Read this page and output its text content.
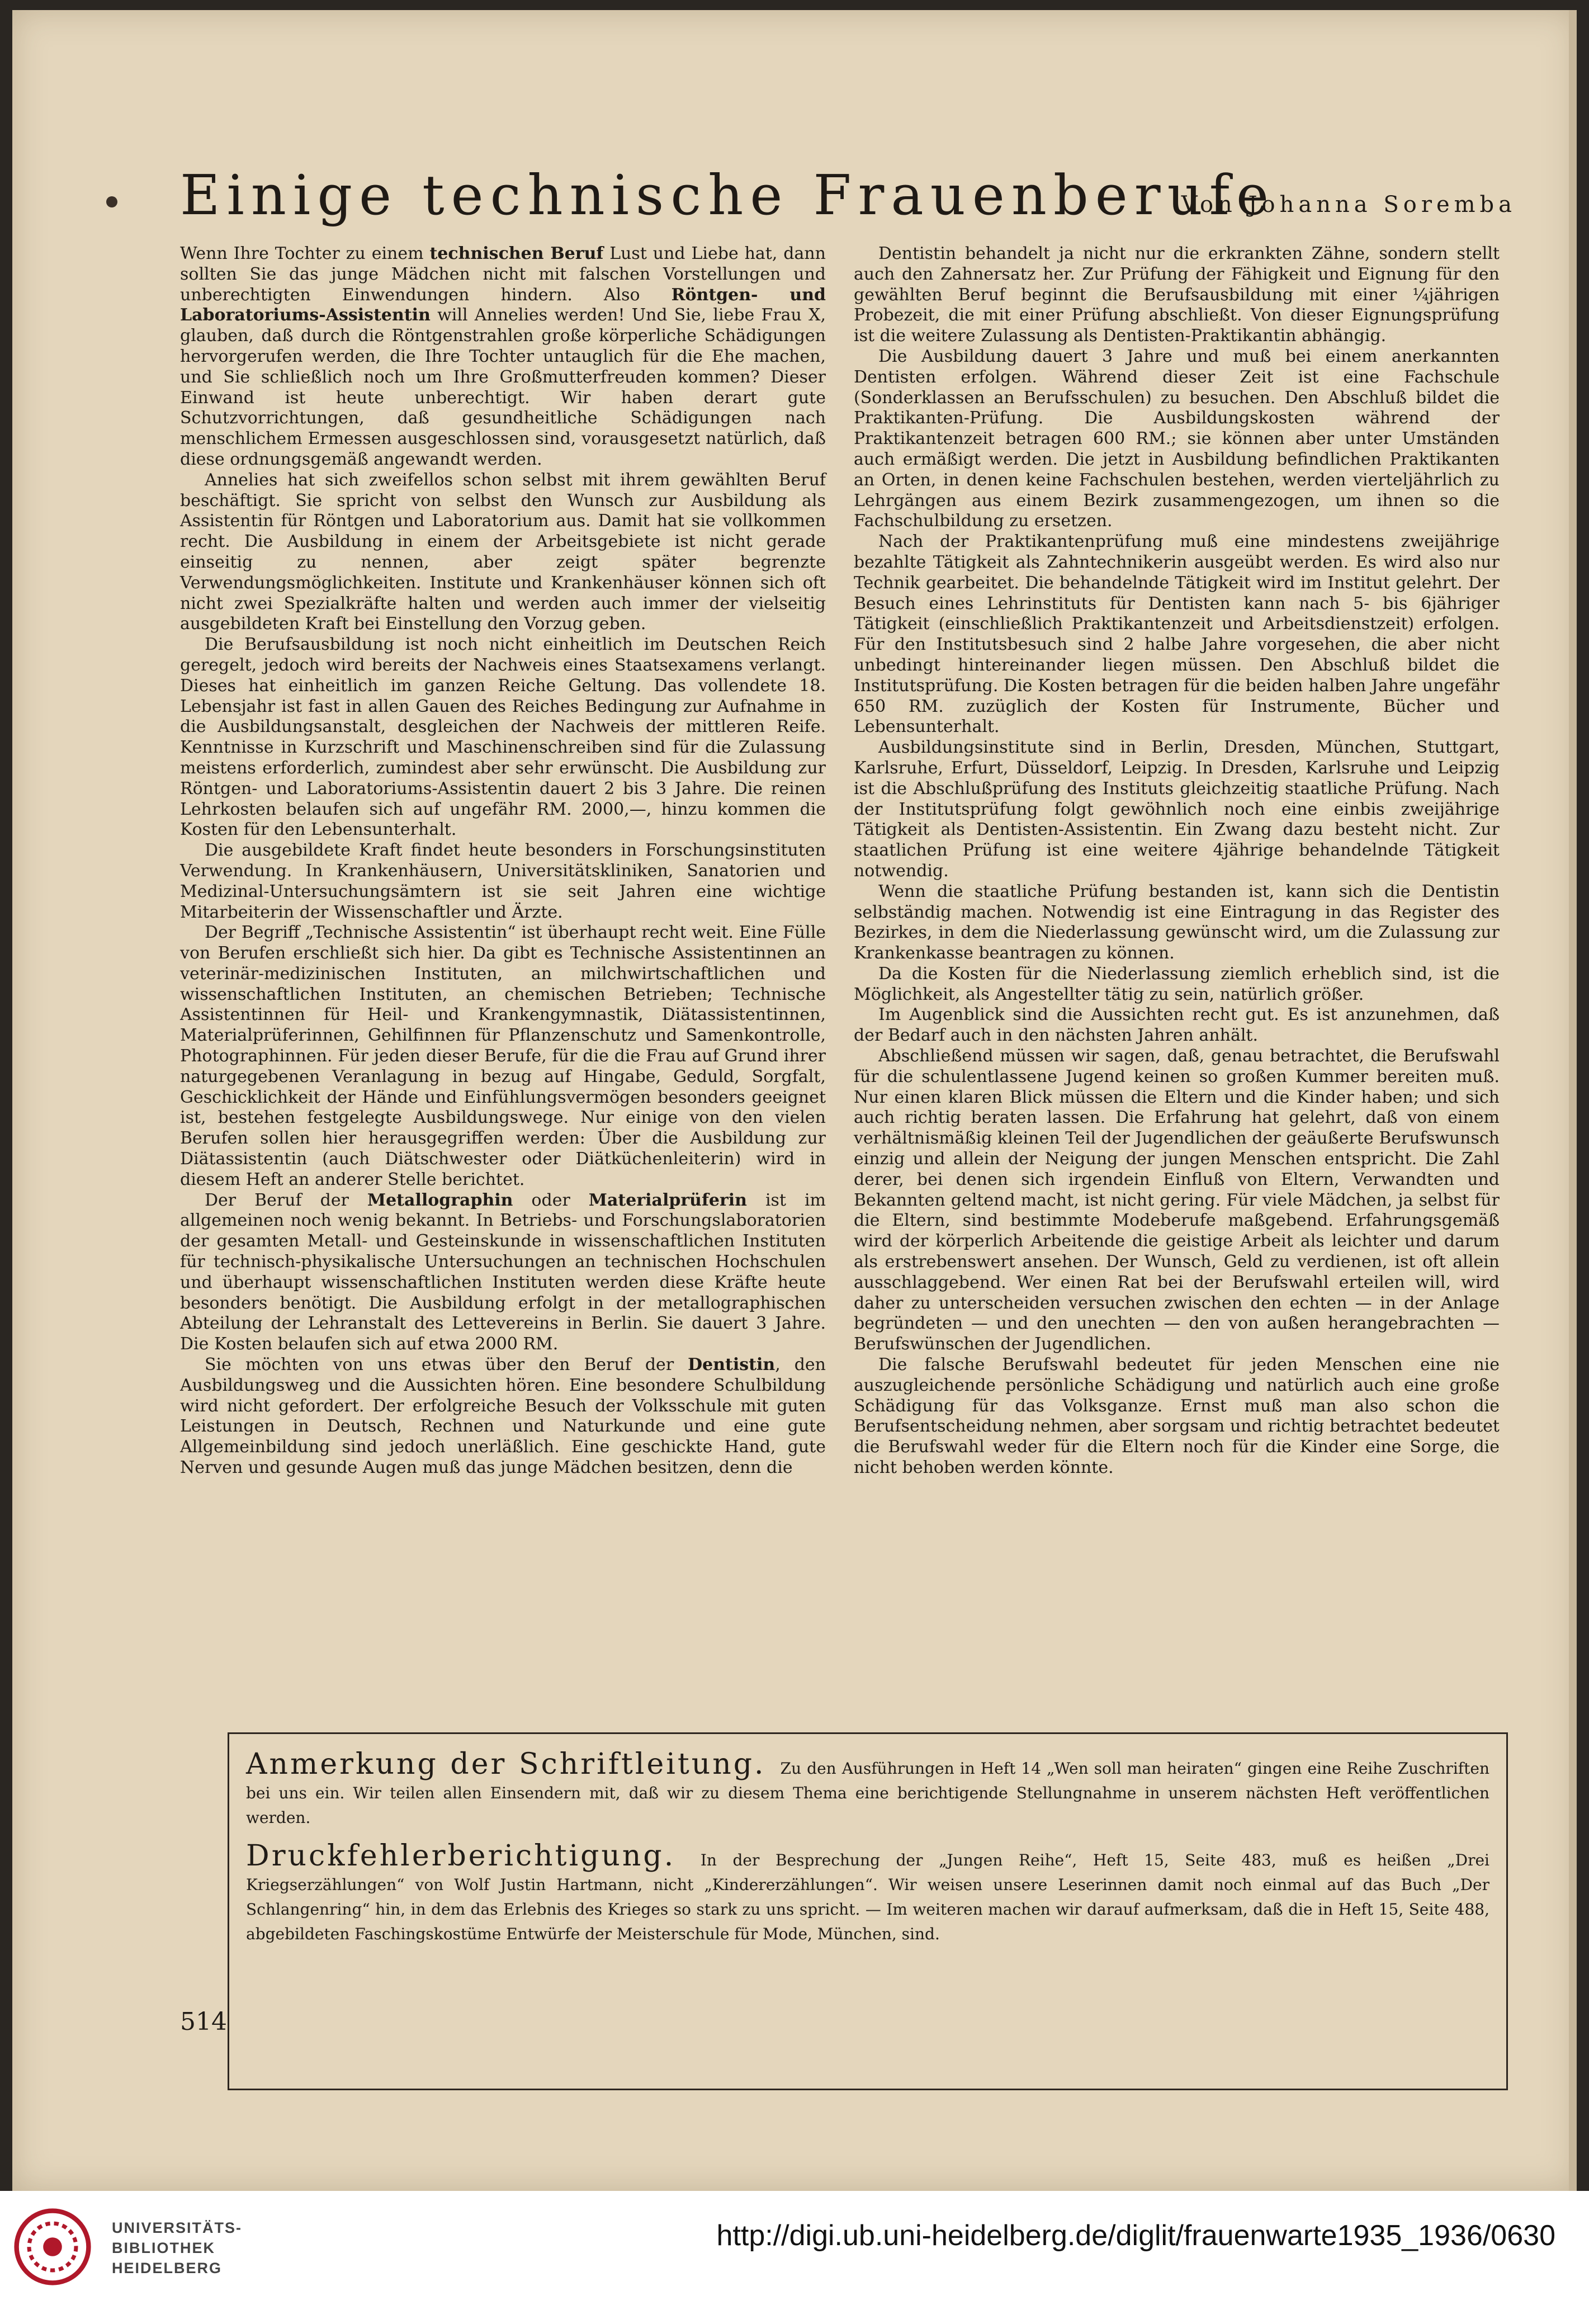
Einige technische Frauenberufe
Von Johanna Soremba

Wenn Ihre Tochter zu einem technischen Beruf Lust und Liebe hat, dann sollten Sie das junge Mädchen nicht mit falschen Vorstellungen und unberechtigten Einwendungen hindern. Also Röntgen- und Laboratoriums-Assistentin will Annelies werden! Und Sie, liebe Frau X, glauben, daß durch die Röntgenstrahlen große körperliche Schädigungen hervorgerufen werden, die Ihre Tochter untauglich für die Ehe machen, und Sie schließlich noch um Ihre Großmutterfreuden kommen? Dieser Einwand ist heute unberechtigt. Wir haben derart gute Schutzvorrichtungen, daß gesundheitliche Schädigungen nach menschlichem Ermessen ausgeschlossen sind, vorausgesetzt natürlich, daß diese ordnungsgemäß angewandt werden.

Annelies hat sich zweifellos schon selbst mit ihrem gewählten Beruf beschäftigt. Sie spricht von selbst den Wunsch zur Ausbildung als Assistentin für Röntgen und Laboratorium aus. Damit hat sie vollkommen recht. Die Ausbildung in einem der Arbeitsgebiete ist nicht gerade einseitig zu nennen, aber zeigt später begrenzte Verwendungsmöglichkeiten. Institute und Krankenhäuser können sich oft nicht zwei Spezialkräfte halten und werden auch immer der vielseitig ausgebildeten Kraft bei Einstellung den Vorzug geben.

Die Berufsausbildung ist noch nicht einheitlich im Deutschen Reich geregelt, jedoch wird bereits der Nachweis eines Staatsexamens verlangt. Dieses hat einheitlich im ganzen Reiche Geltung. Das vollendete 18. Lebensjahr ist fast in allen Gauen des Reiches Bedingung zur Aufnahme in die Ausbildungsanstalt, desgleichen der Nachweis der mittleren Reife. Kenntnisse in Kurzschrift und Maschinenschreiben sind für die Zulassung meistens erforderlich, zumindest aber sehr erwünscht. Die Ausbildung zur Röntgen- und Laboratoriums-Assistentin dauert 2 bis 3 Jahre. Die reinen Lehrkosten belaufen sich auf ungefähr RM. 2000,—, hinzu kommen die Kosten für den Lebensunterhalt.

Die ausgebildete Kraft findet heute besonders in Forschungsinstituten Verwendung. In Krankenhäusern, Universitätskliniken, Sanatorien und Medizinal-Untersuchungsämtern ist sie seit Jahren eine wichtige Mitarbeiterin der Wissenschaftler und Ärzte.

Der Begriff „Technische Assistentin“ ist überhaupt recht weit. Eine Fülle von Berufen erschließt sich hier. Da gibt es Technische Assistentinnen an veterinär-medizinischen Instituten, an milchwirtschaftlichen und wissenschaftlichen Instituten, an chemischen Betrieben; Technische Assistentinnen für Heil- und Krankengymnastik, Diätassistentinnen, Materialprüferinnen, Gehilfinnen für Pflanzenschutz und Samenkontrolle, Photographinnen. Für jeden dieser Berufe, für die die Frau auf Grund ihrer naturgegebenen Veranlagung in bezug auf Hingabe, Geduld, Sorgfalt, Geschicklichkeit der Hände und Einfühlungsvermögen besonders geeignet ist, bestehen festgelegte Ausbildungswege. Nur einige von den vielen Berufen sollen hier herausgegriffen werden: Über die Ausbildung zur Diätassistentin (auch Diätschwester oder Diätküchenleiterin) wird in diesem Heft an anderer Stelle berichtet.

Der Beruf der Metallographin oder Materialprüferin ist im allgemeinen noch wenig bekannt. In Betriebs- und Forschungslaboratorien der gesamten Metall- und Gesteinskunde in wissenschaftlichen Instituten für technisch-physikalische Untersuchungen an technischen Hochschulen und überhaupt wissenschaftlichen Instituten werden diese Kräfte heute besonders benötigt. Die Ausbildung erfolgt in der metallographischen Abteilung der Lehranstalt des Lettevereins in Berlin. Sie dauert 3 Jahre. Die Kosten belaufen sich auf etwa 2000 RM.

Sie möchten von uns etwas über den Beruf der Dentistin, den Ausbildungsweg und die Aussichten hören. Eine besondere Schulbildung wird nicht gefordert. Der erfolgreiche Besuch der Volksschule mit guten Leistungen in Deutsch, Rechnen und Naturkunde und eine gute Allgemeinbildung sind jedoch unerläßlich. Eine geschickte Hand, gute Nerven und gesunde Augen muß das junge Mädchen besitzen, denn die

Dentistin behandelt ja nicht nur die erkrankten Zähne, sondern stellt auch den Zahnersatz her. Zur Prüfung der Fähigkeit und Eignung für den gewählten Beruf beginnt die Berufsausbildung mit einer ¼jährigen Probezeit, die mit einer Prüfung abschließt. Von dieser Eignungsprüfung ist die weitere Zulassung als Dentisten-Praktikantin abhängig.

Die Ausbildung dauert 3 Jahre und muß bei einem anerkannten Dentisten erfolgen. Während dieser Zeit ist eine Fachschule (Sonderklassen an Berufsschulen) zu besuchen. Den Abschluß bildet die Praktikanten-Prüfung. Die Ausbildungskosten während der Praktikantenzeit betragen 600 RM.; sie können aber unter Umständen auch ermäßigt werden. Die jetzt in Ausbildung befindlichen Praktikanten an Orten, in denen keine Fachschulen bestehen, werden vierteljährlich zu Lehrgängen aus einem Bezirk zusammengezogen, um ihnen so die Fachschulbildung zu ersetzen.

Nach der Praktikantenprüfung muß eine mindestens zweijährige bezahlte Tätigkeit als Zahntechnikerin ausgeübt werden. Es wird also nur Technik gearbeitet. Die behandelnde Tätigkeit wird im Institut gelehrt. Der Besuch eines Lehrinstituts für Dentisten kann nach 5- bis 6jähriger Tätigkeit (einschließlich Praktikantenzeit und Arbeitsdienstzeit) erfolgen. Für den Institutsbesuch sind 2 halbe Jahre vorgesehen, die aber nicht unbedingt hintereinander liegen müssen. Den Abschluß bildet die Institutsprüfung. Die Kosten betragen für die beiden halben Jahre ungefähr 650 RM. zuzüglich der Kosten für Instrumente, Bücher und Lebensunterhalt.

Ausbildungsinstitute sind in Berlin, Dresden, München, Stuttgart, Karlsruhe, Erfurt, Düsseldorf, Leipzig. In Dresden, Karlsruhe und Leipzig ist die Abschlußprüfung des Instituts gleichzeitig staatliche Prüfung. Nach der Institutsprüfung folgt gewöhnlich noch eine einbis zweijährige Tätigkeit als Dentisten-Assistentin. Ein Zwang dazu besteht nicht. Zur staatlichen Prüfung ist eine weitere 4jährige behandelnde Tätigkeit notwendig.

Wenn die staatliche Prüfung bestanden ist, kann sich die Dentistin selbständig machen. Notwendig ist eine Eintragung in das Register des Bezirkes, in dem die Niederlassung gewünscht wird, um die Zulassung zur Krankenkasse beantragen zu können.

Da die Kosten für die Niederlassung ziemlich erheblich sind, ist die Möglichkeit, als Angestellter tätig zu sein, natürlich größer.

Im Augenblick sind die Aussichten recht gut. Es ist anzunehmen, daß der Bedarf auch in den nächsten Jahren anhält.

Abschließend müssen wir sagen, daß, genau betrachtet, die Berufswahl für die schulentlassene Jugend keinen so großen Kummer bereiten muß. Nur einen klaren Blick müssen die Eltern und die Kinder haben; und sich auch richtig beraten lassen. Die Erfahrung hat gelehrt, daß von einem verhältnismäßig kleinen Teil der Jugendlichen der geäußerte Berufswunsch einzig und allein der Neigung der jungen Menschen entspricht. Die Zahl derer, bei denen sich irgendein Einfluß von Eltern, Verwandten und Bekannten geltend macht, ist nicht gering. Für viele Mädchen, ja selbst für die Eltern, sind bestimmte Modeberufe maßgebend. Erfahrungsgemäß wird der körperlich Arbeitende die geistige Arbeit als leichter und darum als erstrebenswert ansehen. Der Wunsch, Geld zu verdienen, ist oft allein ausschlaggebend. Wer einen Rat bei der Berufswahl erteilen will, wird daher zu unterscheiden versuchen zwischen den echten — in der Anlage begründeten — und den unechten — den von außen herangebrachten — Berufswünschen der Jugendlichen.

Die falsche Berufswahl bedeutet für jeden Menschen eine nie auszugleichende persönliche Schädigung und natürlich auch eine große Schädigung für das Volksganze. Ernst muß man also schon die Berufsentscheidung nehmen, aber sorgsam und richtig betrachtet bedeutet die Berufswahl weder für die Eltern noch für die Kinder eine Sorge, die nicht behoben werden könnte.

Anmerkung der Schriftleitung. Zu den Ausführungen in Heft 14 „Wen soll man heiraten“ gingen eine Reihe Zuschriften bei uns ein. Wir teilen allen Einsendern mit, daß wir zu diesem Thema eine berichtigende Stellungnahme in unserem nächsten Heft veröffentlichen werden.

Druckfehlerberichtigung. In der Besprechung der „Jungen Reihe“, Heft 15, Seite 483, muß es heißen „Drei Kriegserzählungen“ von Wolf Justin Hartmann, nicht „Kindererzählungen“. Wir weisen unsere Leserinnen damit noch einmal auf das Buch „Der Schlangenring“ hin, in dem das Erlebnis des Krieges so stark zu uns spricht. — Im weiteren machen wir darauf aufmerksam, daß die in Heft 15, Seite 488, abgebildeten Faschingskostüme Entwürfe der Meisterschule für Mode, München, sind.

514
UNIVERSITÄTS-
BIBLIOTHEK
HEIDELBERG
http://digi.ub.uni-heidelberg.de/diglit/frauenwarte1935_1936/0630
